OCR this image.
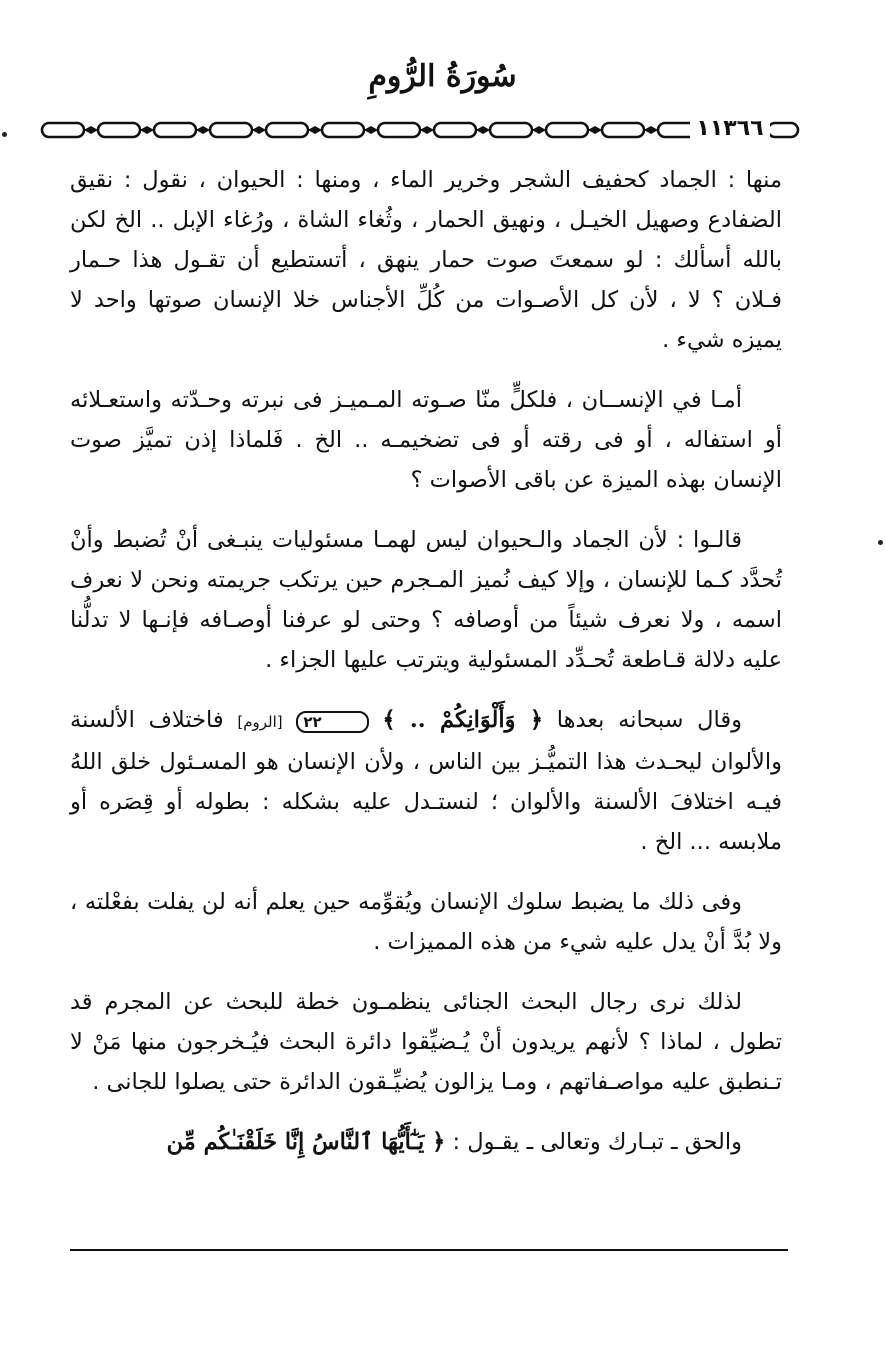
سُورَةُ الرُّومِ
١١٣٦٦

منها : الجماد كحفيف الشجر وخرير الماء ، ومنها : الحيوان ، نقول : نقيق الضفادع وصهيل الخيـل ، ونهيق الحمار ، وثُغاء الشاة ، ورُغاء الإبل .. الخ لكن بالله أسألك : لو سمعتَ صوت حمار ينهق ، أتستطيع أن تقـول هذا حـمار فـلان ؟ لا ، لأن كل الأصـوات من كُلِّ الأجناس خلا الإنسان صوتها واحد لا يميزه شيء .

أمـا في الإنســان ، فلكلٍّ منّا صـوته المـميـز فى نبرته وحـدّته واستعـلائه أو استفاله ، أو فى رقته أو فى تضخيمـه .. الخ . فَلماذا إذن تميَّز صوت الإنسان بهذه الميزة عن باقى الأصوات ؟

قالـوا : لأن الجماد والـحيوان ليس لهمـا مسئوليات ينبـغى أنْ تُضبط وأنْ تُحدَّد كـما للإنسان ، وإلا كيف نُميز المـجرم حين يرتكب جريمته ونحن لا نعرف اسمه ، ولا نعرف شيئاً من أوصافه ؟ وحتى لو عرفنا أوصـافه فإنـها لا تدلُّنا عليه دلالة قـاطعة تُحـدِّد المسئولية ويترتب عليها الجزاء .

وقال سبحانه بعدها ﴿ وَأَلْوَانِكُمْ .. ﴾ ٢٢ [الروم] فاختلاف الألسنة والألوان ليحـدث هذا التميُّـز بين الناس ، ولأن الإنسان هو المسـئول خلق اللهُ فيـه اختلافَ الألسنة والألوان ؛ لنستـدل عليه بشكله : بطوله أو قِصَره أو ملابسه ... الخ .

وفى ذلك ما يضبط سلوك الإنسان ويُقوِّمه حين يعلم أنه لن يفلت بفعْلته ، ولا بُدَّ أنْ يدل عليه شيء من هذه المميزات .

لذلك نرى رجال البحث الجنائى ينظمـون خطة للبحث عن المجرم قد تطول ، لماذا ؟ لأنهم يريدون أنْ يُـضيِّقوا دائرة البحث فيُـخرجون منها مَنْ لا تـنطبق عليه مواصـفاتهم ، ومـا يزالون يُضيِّـقون الدائرة حتى يصلوا للجانى .

والحق ـ تبـارك وتعالى ـ يقـول : ﴿ يَـٰٓأَيُّهَا ٱلنَّاسُ إِنَّا خَلَقْنَـٰكُم مِّن
